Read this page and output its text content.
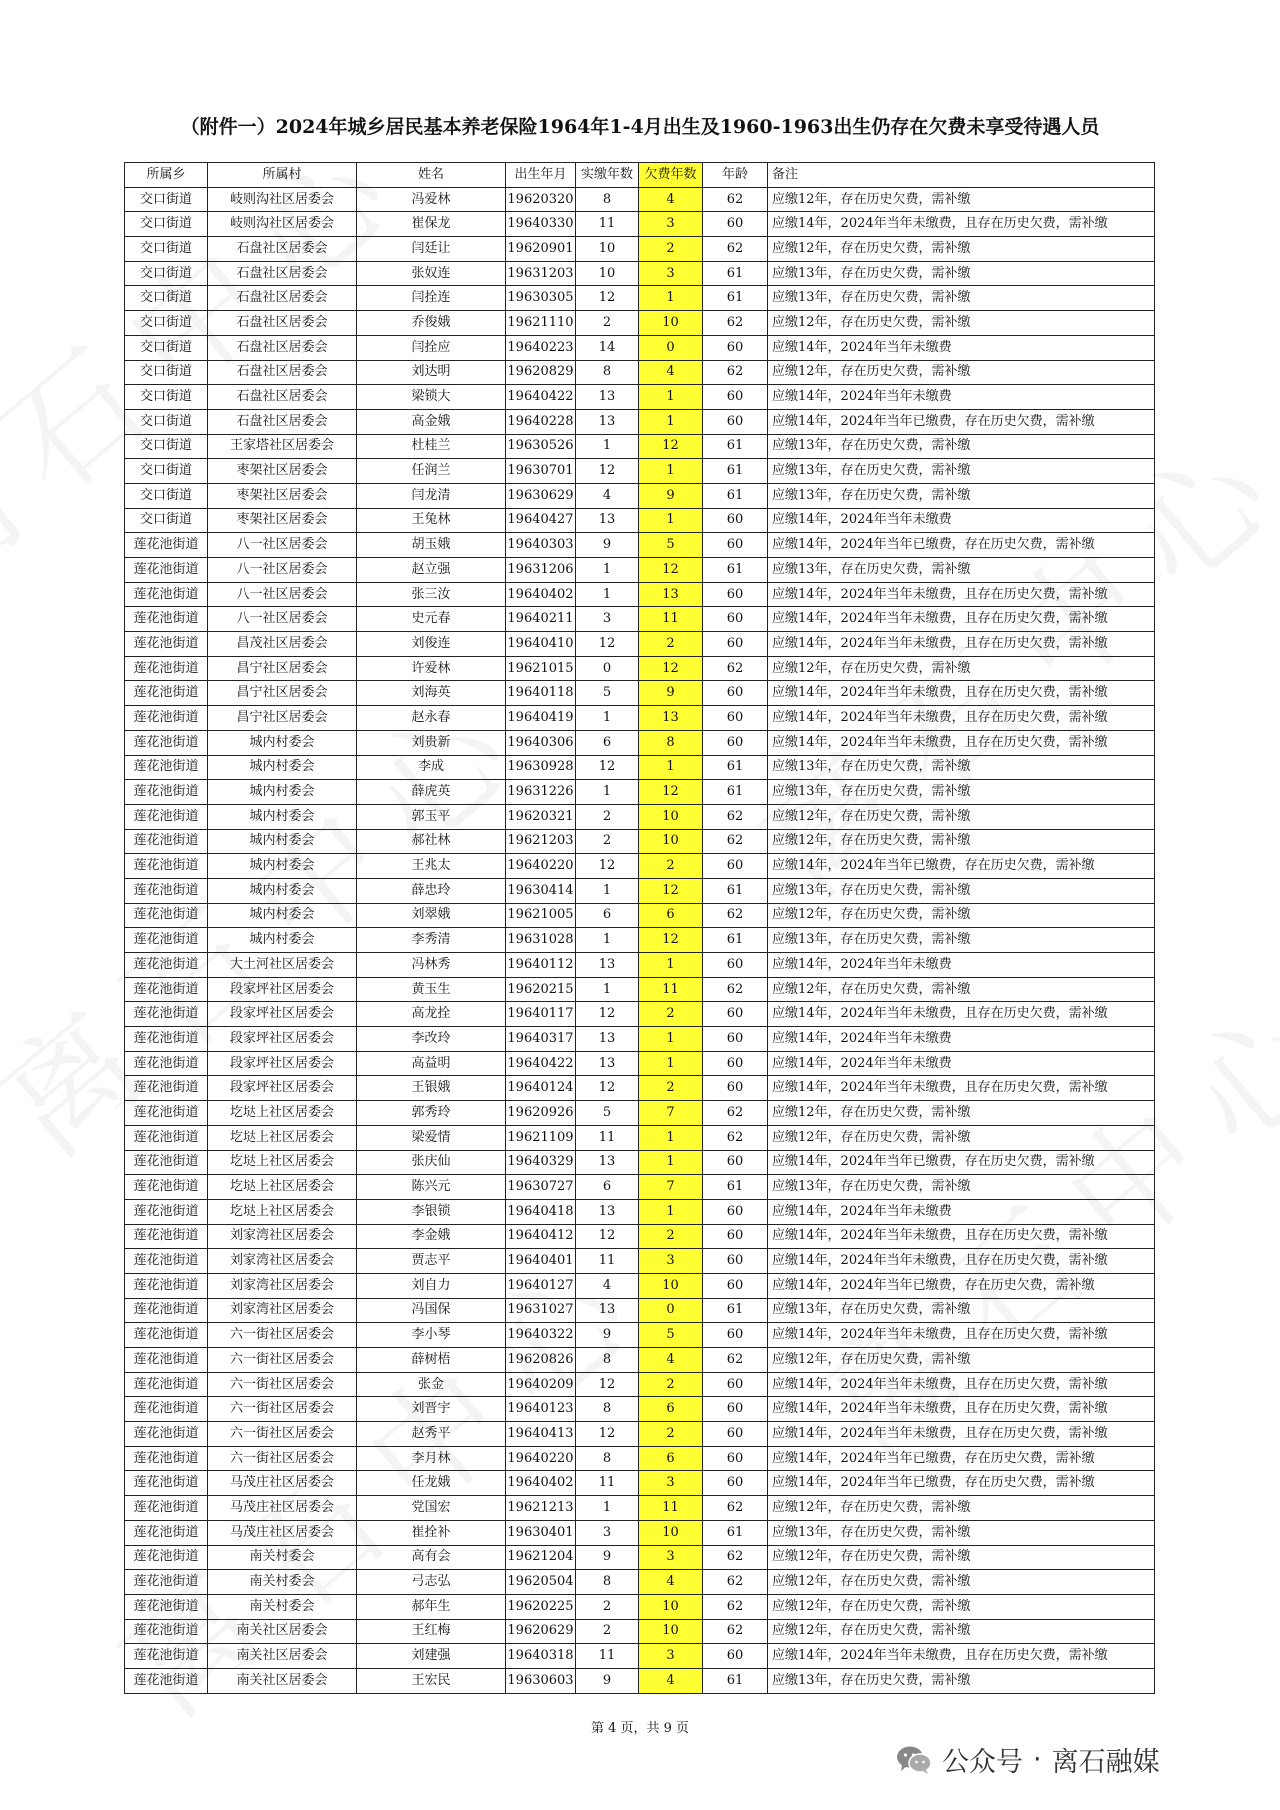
（附件一）2024年城乡居民基本养老保险1964年1-4月出生及1960-1963出生仍存在欠费未享受待遇人员
所属乡	所属村	姓名	出生年月	实缴年数	欠费年数	年龄	备注
交口街道	岐则沟社区居委会	冯爱林	19620320	8	4	62	应缴12年，存在历史欠费，需补缴
交口街道	岐则沟社区居委会	崔保龙	19640330	11	3	60	应缴14年，2024年当年未缴费，且存在历史欠费，需补缴
交口街道	石盘社区居委会	闫廷让	19620901	10	2	62	应缴12年，存在历史欠费，需补缴
交口街道	石盘社区居委会	张奴连	19631203	10	3	61	应缴13年，存在历史欠费，需补缴
交口街道	石盘社区居委会	闫拴连	19630305	12	1	61	应缴13年，存在历史欠费，需补缴
交口街道	石盘社区居委会	乔俊娥	19621110	2	10	62	应缴12年，存在历史欠费，需补缴
交口街道	石盘社区居委会	闫拴应	19640223	14	0	60	应缴14年，2024年当年未缴费
交口街道	石盘社区居委会	刘达明	19620829	8	4	62	应缴12年，存在历史欠费，需补缴
交口街道	石盘社区居委会	梁锁大	19640422	13	1	60	应缴14年，2024年当年未缴费
交口街道	石盘社区居委会	高金娥	19640228	13	1	60	应缴14年，2024年当年已缴费，存在历史欠费，需补缴
交口街道	王家塔社区居委会	杜桂兰	19630526	1	12	61	应缴13年，存在历史欠费，需补缴
交口街道	枣架社区居委会	任润兰	19630701	12	1	61	应缴13年，存在历史欠费，需补缴
交口街道	枣架社区居委会	闫龙清	19630629	4	9	61	应缴13年，存在历史欠费，需补缴
交口街道	枣架社区居委会	王兔林	19640427	13	1	60	应缴14年，2024年当年未缴费
莲花池街道	八一社区居委会	胡玉娥	19640303	9	5	60	应缴14年，2024年当年已缴费，存在历史欠费，需补缴
莲花池街道	八一社区居委会	赵立强	19631206	1	12	61	应缴13年，存在历史欠费，需补缴
莲花池街道	八一社区居委会	张三汝	19640402	1	13	60	应缴14年，2024年当年未缴费，且存在历史欠费，需补缴
莲花池街道	八一社区居委会	史元春	19640211	3	11	60	应缴14年，2024年当年未缴费，且存在历史欠费，需补缴
莲花池街道	昌茂社区居委会	刘俊连	19640410	12	2	60	应缴14年，2024年当年未缴费，且存在历史欠费，需补缴
莲花池街道	昌宁社区居委会	许爱林	19621015	0	12	62	应缴12年，存在历史欠费，需补缴
莲花池街道	昌宁社区居委会	刘海英	19640118	5	9	60	应缴14年，2024年当年未缴费，且存在历史欠费，需补缴
莲花池街道	昌宁社区居委会	赵永春	19640419	1	13	60	应缴14年，2024年当年未缴费，且存在历史欠费，需补缴
莲花池街道	城内村委会	刘贵新	19640306	6	8	60	应缴14年，2024年当年未缴费，且存在历史欠费，需补缴
莲花池街道	城内村委会	李成	19630928	12	1	61	应缴13年，存在历史欠费，需补缴
莲花池街道	城内村委会	薛虎英	19631226	1	12	61	应缴13年，存在历史欠费，需补缴
莲花池街道	城内村委会	郭玉平	19620321	2	10	62	应缴12年，存在历史欠费，需补缴
莲花池街道	城内村委会	郝社林	19621203	2	10	62	应缴12年，存在历史欠费，需补缴
莲花池街道	城内村委会	王兆太	19640220	12	2	60	应缴14年，2024年当年已缴费，存在历史欠费，需补缴
莲花池街道	城内村委会	薛忠玲	19630414	1	12	61	应缴13年，存在历史欠费，需补缴
莲花池街道	城内村委会	刘翠娥	19621005	6	6	62	应缴12年，存在历史欠费，需补缴
莲花池街道	城内村委会	李秀清	19631028	1	12	61	应缴13年，存在历史欠费，需补缴
莲花池街道	大土河社区居委会	冯林秀	19640112	13	1	60	应缴14年，2024年当年未缴费
莲花池街道	段家坪社区居委会	黄玉生	19620215	1	11	62	应缴12年，存在历史欠费，需补缴
莲花池街道	段家坪社区居委会	高龙拴	19640117	12	2	60	应缴14年，2024年当年未缴费，且存在历史欠费，需补缴
莲花池街道	段家坪社区居委会	李改玲	19640317	13	1	60	应缴14年，2024年当年未缴费
莲花池街道	段家坪社区居委会	高益明	19640422	13	1	60	应缴14年，2024年当年未缴费
莲花池街道	段家坪社区居委会	王银娥	19640124	12	2	60	应缴14年，2024年当年未缴费，且存在历史欠费，需补缴
莲花池街道	圪垯上社区居委会	郭秀玲	19620926	5	7	62	应缴12年，存在历史欠费，需补缴
莲花池街道	圪垯上社区居委会	梁爱情	19621109	11	1	62	应缴12年，存在历史欠费，需补缴
莲花池街道	圪垯上社区居委会	张庆仙	19640329	13	1	60	应缴14年，2024年当年已缴费，存在历史欠费，需补缴
莲花池街道	圪垯上社区居委会	陈兴元	19630727	6	7	61	应缴13年，存在历史欠费，需补缴
莲花池街道	圪垯上社区居委会	李银锁	19640418	13	1	60	应缴14年，2024年当年未缴费
莲花池街道	刘家湾社区居委会	李金娥	19640412	12	2	60	应缴14年，2024年当年未缴费，且存在历史欠费，需补缴
莲花池街道	刘家湾社区居委会	贾志平	19640401	11	3	60	应缴14年，2024年当年未缴费，且存在历史欠费，需补缴
莲花池街道	刘家湾社区居委会	刘自力	19640127	4	10	60	应缴14年，2024年当年已缴费，存在历史欠费，需补缴
莲花池街道	刘家湾社区居委会	冯国保	19631027	13	0	61	应缴13年，存在历史欠费，需补缴
莲花池街道	六一街社区居委会	李小琴	19640322	9	5	60	应缴14年，2024年当年未缴费，且存在历史欠费，需补缴
莲花池街道	六一街社区居委会	薛树梧	19620826	8	4	62	应缴12年，存在历史欠费，需补缴
莲花池街道	六一街社区居委会	张金	19640209	12	2	60	应缴14年，2024年当年未缴费，且存在历史欠费，需补缴
莲花池街道	六一街社区居委会	刘晋宇	19640123	8	6	60	应缴14年，2024年当年未缴费，且存在历史欠费，需补缴
莲花池街道	六一街社区居委会	赵秀平	19640413	12	2	60	应缴14年，2024年当年未缴费，且存在历史欠费，需补缴
莲花池街道	六一街社区居委会	李月林	19640220	8	6	60	应缴14年，2024年当年已缴费，存在历史欠费，需补缴
莲花池街道	马茂庄社区居委会	任龙娥	19640402	11	3	60	应缴14年，2024年当年已缴费，存在历史欠费，需补缴
莲花池街道	马茂庄社区居委会	党国宏	19621213	1	11	62	应缴12年，存在历史欠费，需补缴
莲花池街道	马茂庄社区居委会	崔拴补	19630401	3	10	61	应缴13年，存在历史欠费，需补缴
莲花池街道	南关村委会	高有会	19621204	9	3	62	应缴12年，存在历史欠费，需补缴
莲花池街道	南关村委会	弓志弘	19620504	8	4	62	应缴12年，存在历史欠费，需补缴
莲花池街道	南关村委会	郝年生	19620225	2	10	62	应缴12年，存在历史欠费，需补缴
莲花池街道	南关社区居委会	王红梅	19620629	2	10	62	应缴12年，存在历史欠费，需补缴
莲花池街道	南关社区居委会	刘建强	19640318	11	3	60	应缴14年，2024年当年未缴费，且存在历史欠费，需补缴
莲花池街道	南关社区居委会	王宏民	19630603	9	4	61	应缴13年，存在历史欠费，需补缴
第 4 页，共 9 页
公众号 · 离石融媒
